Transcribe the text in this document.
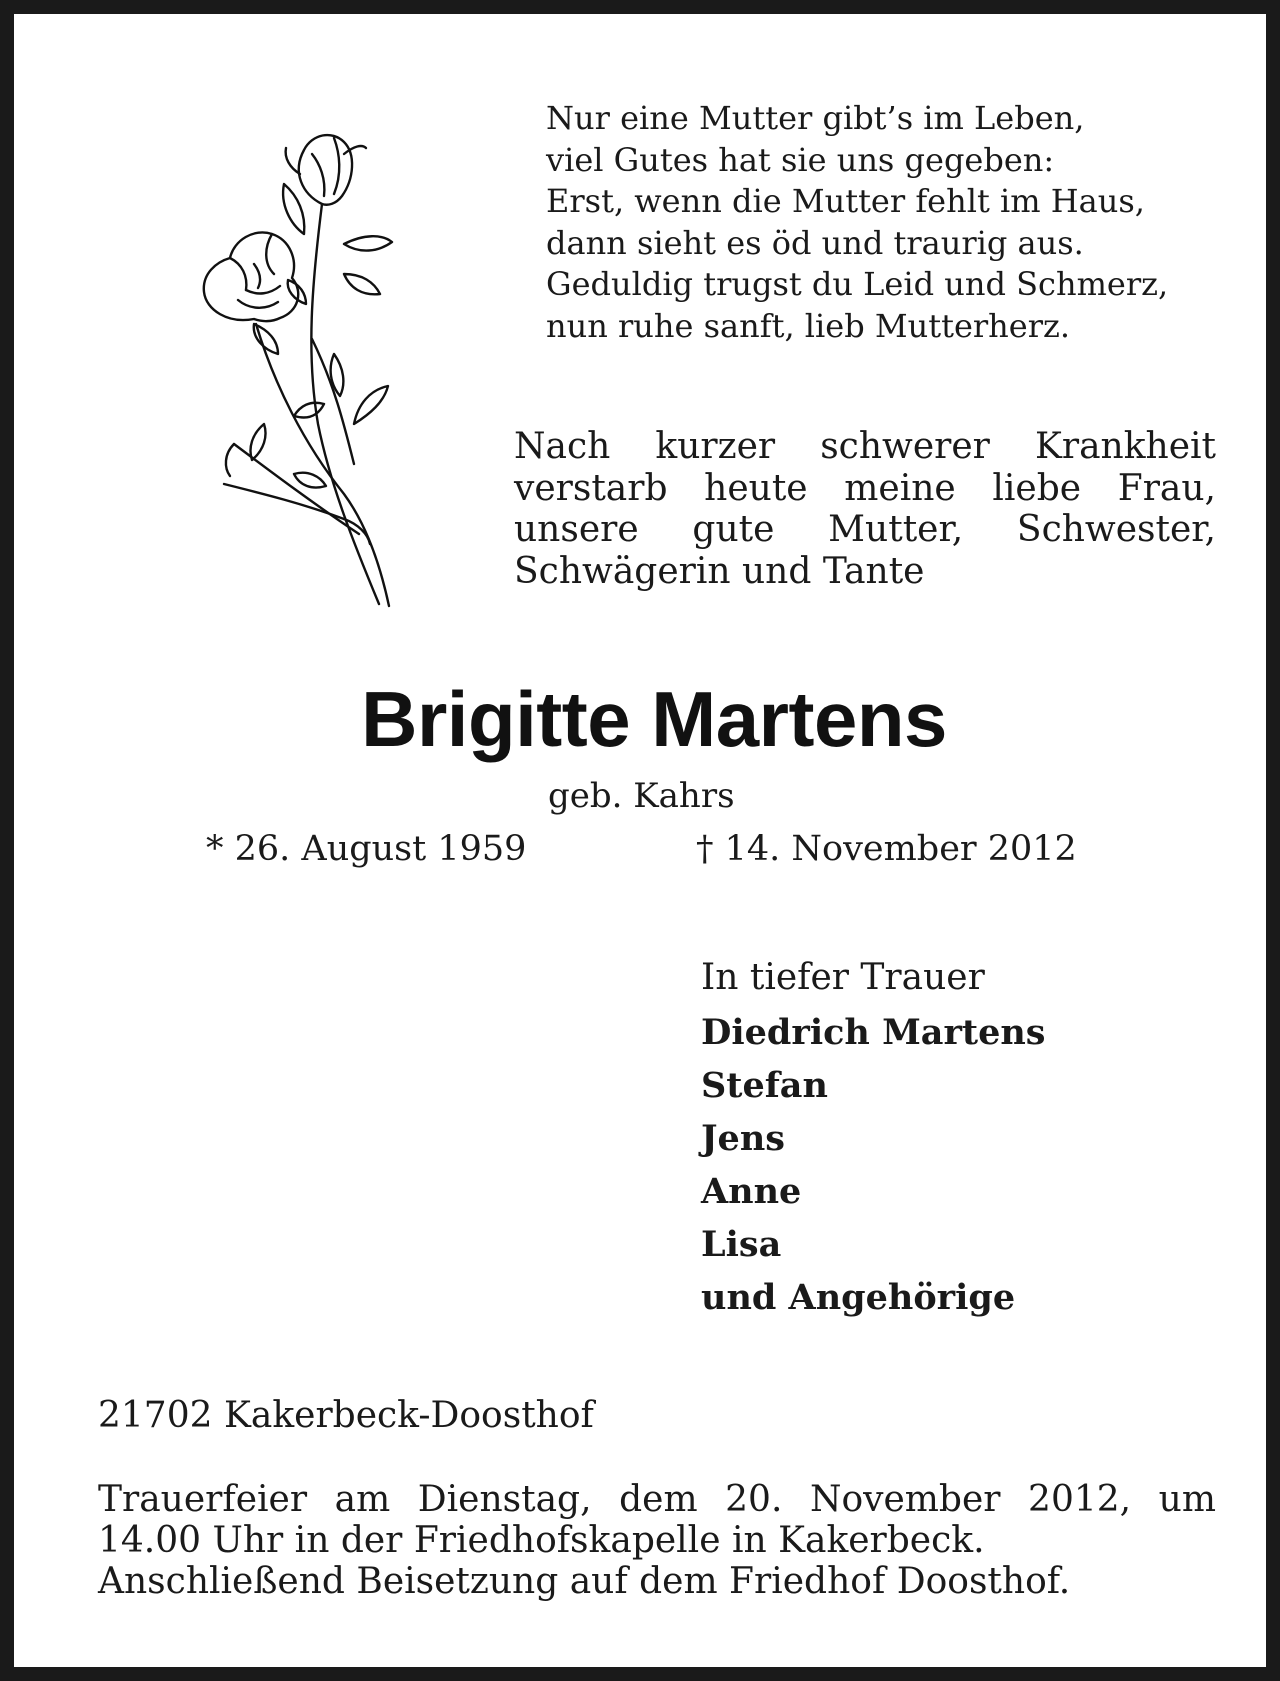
Nur eine Mutter gibt’s im Leben,
viel Gutes hat sie uns gegeben:
Erst, wenn die Mutter fehlt im Haus,
dann sieht es öd und traurig aus.
Geduldig trugst du Leid und Schmerz,
nun ruhe sanft, lieb Mutterherz.
Nach kurzer schwerer Krankheit
verstarb heute meine liebe Frau,
unsere gute Mutter, Schwester,
Schwägerin und Tante
Brigitte Martens
geb. Kahrs
* 26. August 1959	† 14. November 2012
In tiefer Trauer
Diedrich Martens
Stefan
Jens
Anne
Lisa
und Angehörige
21702 Kakerbeck-Doosthof
Trauerfeier am Dienstag, dem 20. November 2012, um
14.00 Uhr in der Friedhofskapelle in Kakerbeck.
Anschließend Beisetzung auf dem Friedhof Doosthof.
